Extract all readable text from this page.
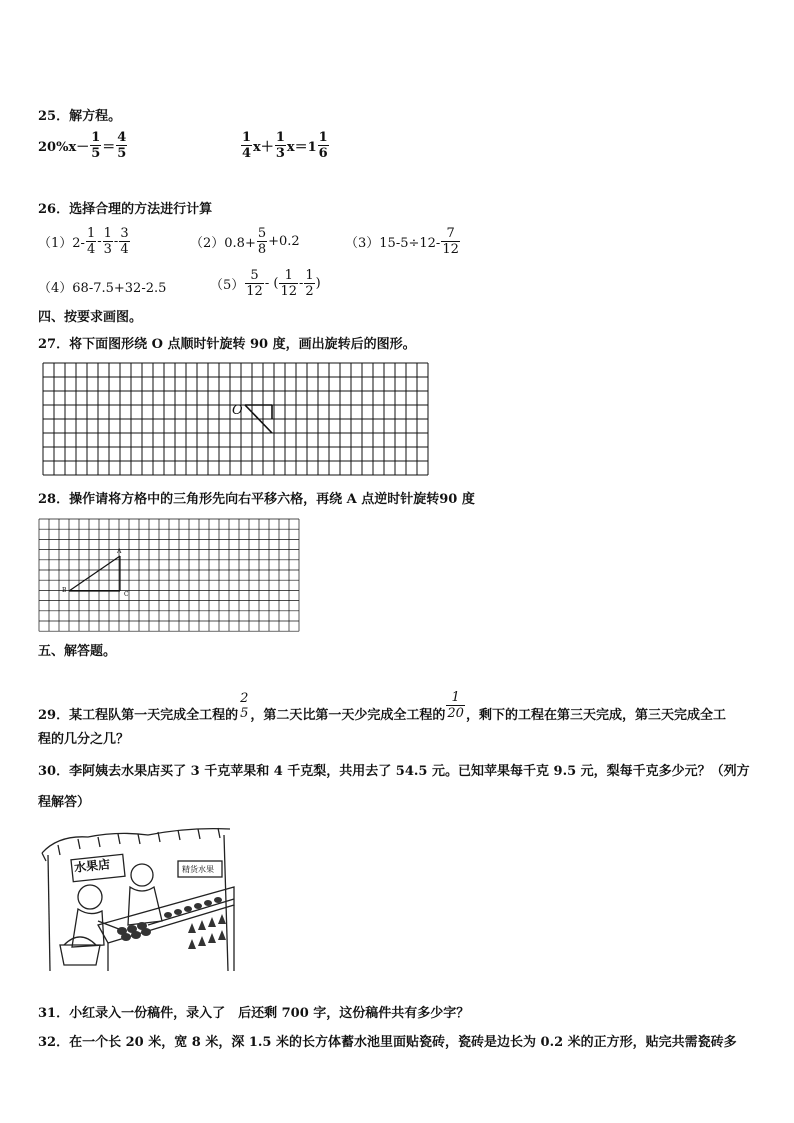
25．解方程。
$20\%x- \frac{1}{5} = \frac{4}{5}$	$\frac{1}{4} x+ \frac{1}{3} x=1 \frac{1}{6}$
26．选择合理的方法进行计算
$(1)2- \frac{1}{4} - \frac{1}{3} - \frac{3}{4}$	$(2)0.8+ \frac{5}{8} +0.2$	$(3)15-5\div 12- \frac{7}{12}$
（4）68-7.5+32-2.5	$(5) \frac{5}{12}$ - ( $\frac{1}{12} - \frac{1}{2}$ )
四、按要求画图。
27．将下面图形绕 O 点顺时针旋转 90 度，画出旋转后的图形。
O
28．操作请将方格中的三角形先向右平移六格，再绕 A 点逆时针旋转90 度
A
B
C
五、解答题。
29．某工程队第一天完成全工程的
2
5 ，第二天比第一天少完成全工程的 $\frac{1}{20}$ ，剩下的工程在第三天完成，第三天完成全工
程的几分之几？
30．李阿姨去水果店买了 3 千克苹果和 4 千克梨，共用去了 54.5 元。已知苹果每千克 9.5 元，梨每千克多少元？（列方
程解答）
水果店	精货水果
31．小红录入一份稿件，录入了　后还剩 700 字，这份稿件共有多少字？
32．在一个长 20 米，宽 8 米，深 1.5 米的长方体蓄水池里面贴瓷砖，瓷砖是边长为 0.2 米的正方形，贴完共需瓷砖多
